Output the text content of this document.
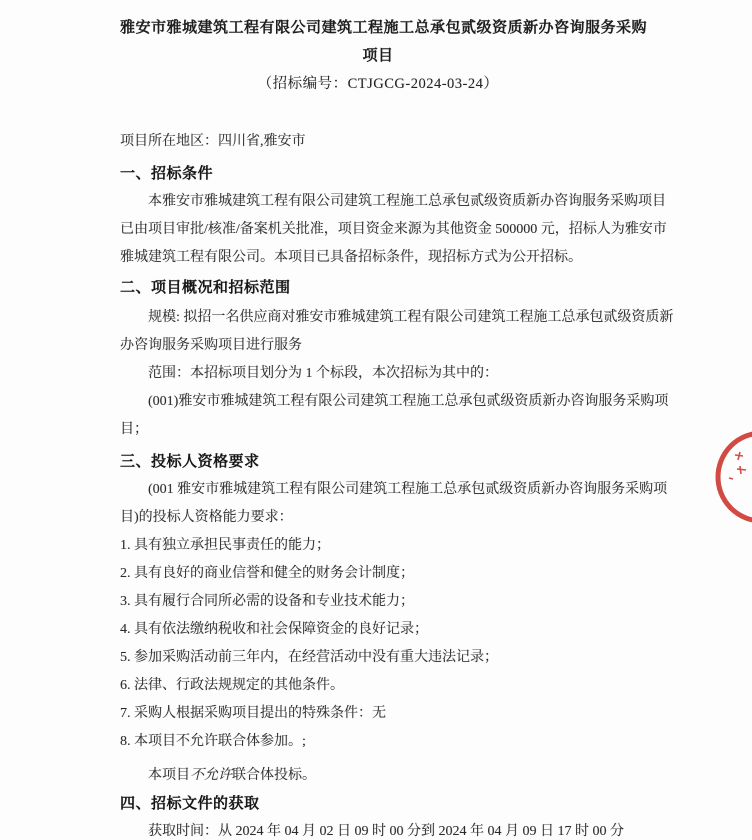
雅安市雅城建筑工程有限公司建筑工程施工总承包贰级资质新办咨询服务采购
项目
（招标编号：CTJGCG-2024-03-24）
项目所在地区：四川省,雅安市
一、招标条件
本雅安市雅城建筑工程有限公司建筑工程施工总承包贰级资质新办咨询服务采购项目
已由项目审批/核准/备案机关批准，项目资金来源为其他资金 500000 元，招标人为雅安市
雅城建筑工程有限公司。本项目已具备招标条件，现招标方式为公开招标。
二、项目概况和招标范围
规模: 拟招一名供应商对雅安市雅城建筑工程有限公司建筑工程施工总承包贰级资质新
办咨询服务采购项目进行服务
范围：本招标项目划分为 1 个标段，本次招标为其中的：
(001)雅安市雅城建筑工程有限公司建筑工程施工总承包贰级资质新办咨询服务采购项
目；
三、投标人资格要求
(001 雅安市雅城建筑工程有限公司建筑工程施工总承包贰级资质新办咨询服务采购项
目)的投标人资格能力要求：
1. 具有独立承担民事责任的能力；
2. 具有良好的商业信誉和健全的财务会计制度；
3. 具有履行合同所必需的设备和专业技术能力；
4. 具有依法缴纳税收和社会保障资金的良好记录；
5. 参加采购活动前三年内，在经营活动中没有重大违法记录；
6. 法律、行政法规规定的其他条件。
7. 采购人根据采购项目提出的特殊条件：无
8. 本项目不允许联合体参加。;
本项目不允许联合体投标。
四、招标文件的获取
获取时间：从 2024 年 04 月 02 日 09 时 00 分到 2024 年 04 月 09 日 17 时 00 分
